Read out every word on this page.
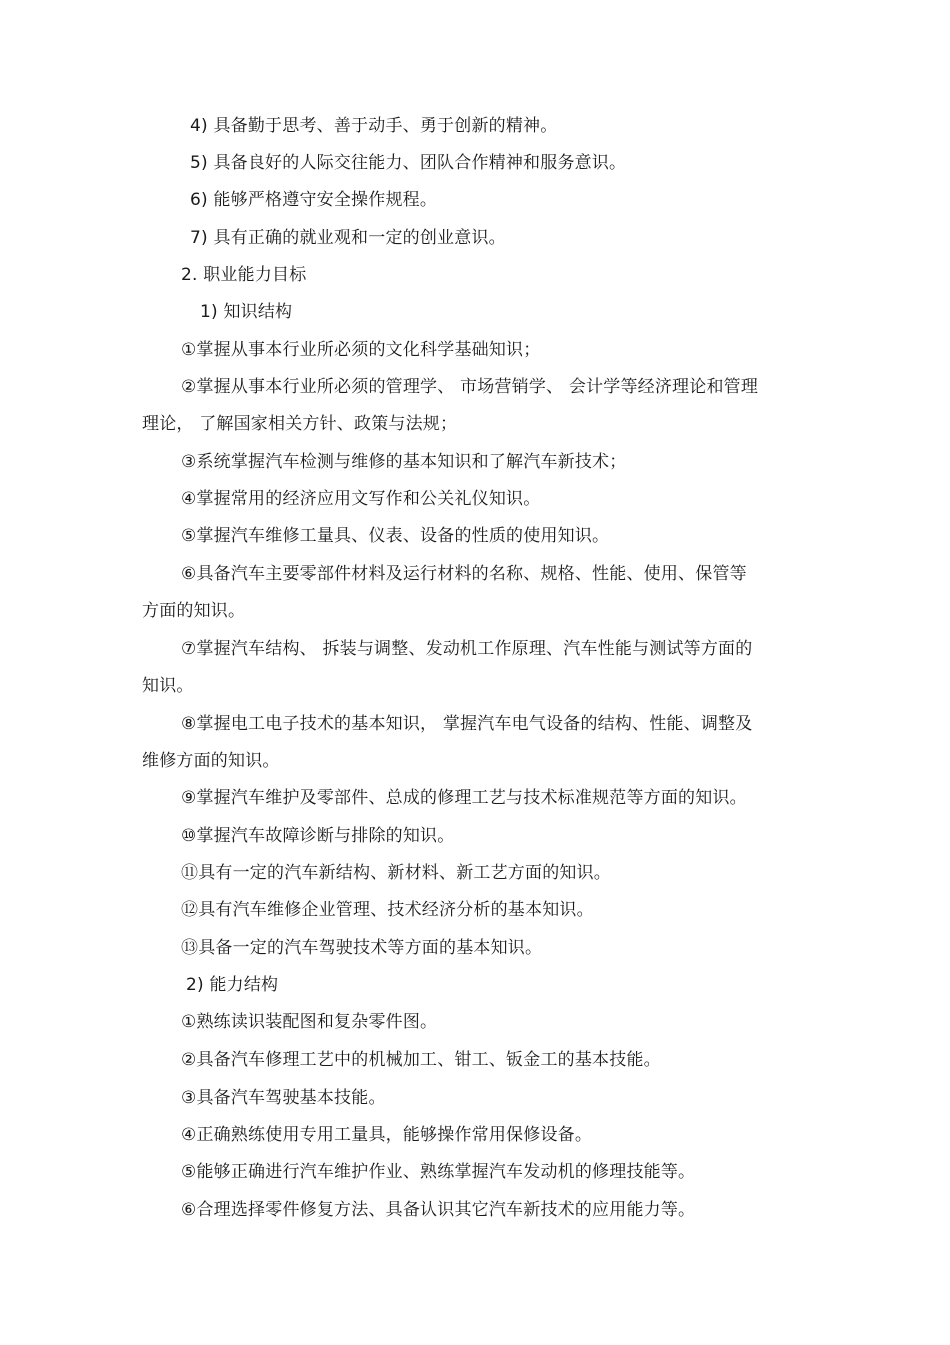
4) 具备勤于思考、善于动手、勇于创新的精神。
5) 具备良好的人际交往能力、团队合作精神和服务意识。
6) 能够严格遵守安全操作规程。
7) 具有正确的就业观和一定的创业意识。
2. 职业能力目标
1) 知识结构
①掌握从事本行业所必须的文化科学基础知识；
②掌握从事本行业所必须的管理学、 市场营销学、 会计学等经济理论和管理
理论， 了解国家相关方针、政策与法规；
③系统掌握汽车检测与维修的基本知识和了解汽车新技术；
④掌握常用的经济应用文写作和公关礼仪知识。
⑤掌握汽车维修工量具、仪表、设备的性质的使用知识。
⑥具备汽车主要零部件材料及运行材料的名称、规格、性能、使用、保管等
方面的知识。
⑦掌握汽车结构、 拆装与调整、发动机工作原理、汽车性能与测试等方面的
知识。
⑧掌握电工电子技术的基本知识， 掌握汽车电气设备的结构、性能、调整及
维修方面的知识。
⑨掌握汽车维护及零部件、总成的修理工艺与技术标准规范等方面的知识。
⑩掌握汽车故障诊断与排除的知识。
⑪具有一定的汽车新结构、新材料、新工艺方面的知识。
⑫具有汽车维修企业管理、技术经济分析的基本知识。
⑬具备一定的汽车驾驶技术等方面的基本知识。
2) 能力结构
①熟练读识装配图和复杂零件图。
②具备汽车修理工艺中的机械加工、钳工、钣金工的基本技能。
③具备汽车驾驶基本技能。
④正确熟练使用专用工量具，能够操作常用保修设备。
⑤能够正确进行汽车维护作业、熟练掌握汽车发动机的修理技能等。
⑥合理选择零件修复方法、具备认识其它汽车新技术的应用能力等。
